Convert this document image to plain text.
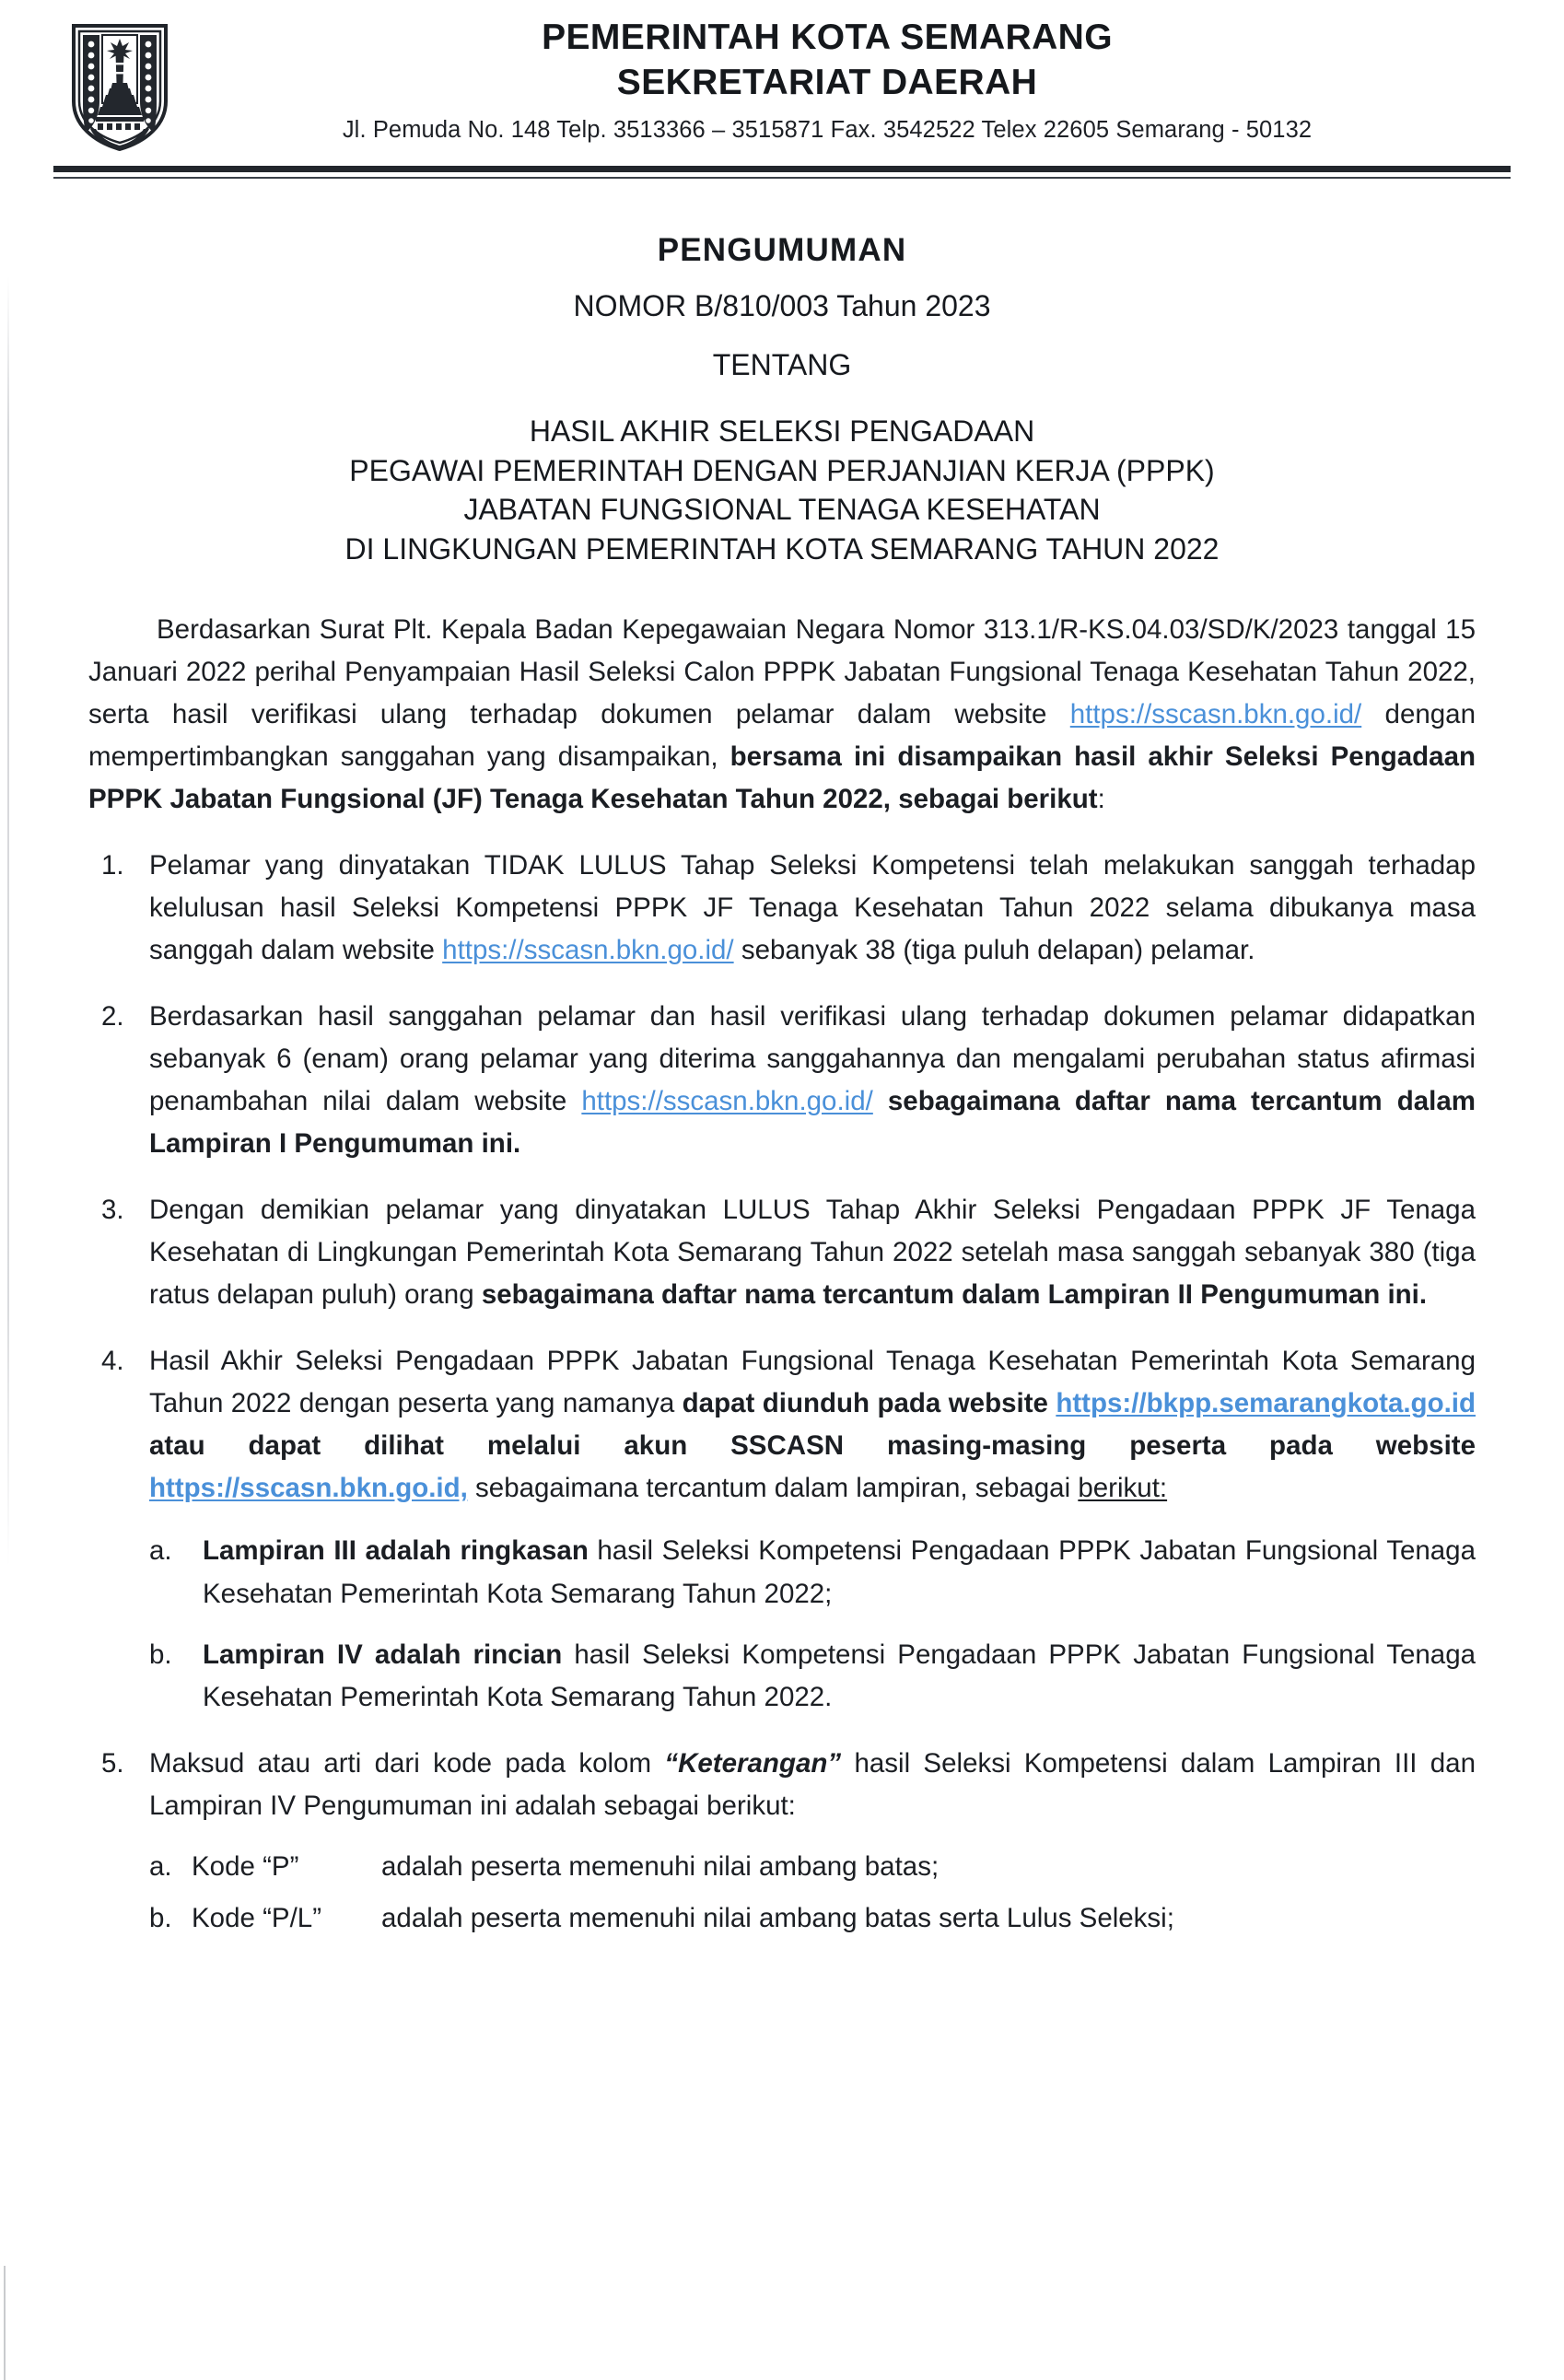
PEMERINTAH KOTA SEMARANG
SEKRETARIAT DAERAH
Jl. Pemuda No. 148 Telp. 3513366 – 3515871 Fax. 3542522 Telex 22605 Semarang - 50132
PENGUMUMAN
NOMOR B/810/003 Tahun 2023
TENTANG
HASIL AKHIR SELEKSI PENGADAAN
PEGAWAI PEMERINTAH DENGAN PERJANJIAN KERJA (PPPK)
JABATAN FUNGSIONAL TENAGA KESEHATAN
DI LINGKUNGAN PEMERINTAH KOTA SEMARANG TAHUN 2022

Berdasarkan Surat Plt. Kepala Badan Kepegawaian Negara Nomor 313.1/R-KS.04.03/SD/K/2023 tanggal 15 Januari 2022 perihal Penyampaian Hasil Seleksi Calon PPPK Jabatan Fungsional Tenaga Kesehatan Tahun 2022, serta hasil verifikasi ulang terhadap dokumen pelamar dalam website https://sscasn.bkn.go.id/ dengan mempertimbangkan sanggahan yang disampaikan, bersama ini disampaikan hasil akhir Seleksi Pengadaan PPPK Jabatan Fungsional (JF) Tenaga Kesehatan Tahun 2022, sebagai berikut:

1. Pelamar yang dinyatakan TIDAK LULUS Tahap Seleksi Kompetensi telah melakukan sanggah terhadap kelulusan hasil Seleksi Kompetensi PPPK JF Tenaga Kesehatan Tahun 2022 selama dibukanya masa sanggah dalam website https://sscasn.bkn.go.id/ sebanyak 38 (tiga puluh delapan) pelamar.

2. Berdasarkan hasil sanggahan pelamar dan hasil verifikasi ulang terhadap dokumen pelamar didapatkan sebanyak 6 (enam) orang pelamar yang diterima sanggahannya dan mengalami perubahan status afirmasi penambahan nilai dalam website https://sscasn.bkn.go.id/ sebagaimana daftar nama tercantum dalam Lampiran I Pengumuman ini.

3. Dengan demikian pelamar yang dinyatakan LULUS Tahap Akhir Seleksi Pengadaan PPPK JF Tenaga Kesehatan di Lingkungan Pemerintah Kota Semarang Tahun 2022 setelah masa sanggah sebanyak 380 (tiga ratus delapan puluh) orang sebagaimana daftar nama tercantum dalam Lampiran II Pengumuman ini.

4. Hasil Akhir Seleksi Pengadaan PPPK Jabatan Fungsional Tenaga Kesehatan Pemerintah Kota Semarang Tahun 2022 dengan peserta yang namanya dapat diunduh pada website https://bkpp.semarangkota.go.id atau dapat dilihat melalui akun SSCASN masing-masing peserta pada website https://sscasn.bkn.go.id, sebagaimana tercantum dalam lampiran, sebagai berikut:

a.	Lampiran III adalah ringkasan hasil Seleksi Kompetensi Pengadaan PPPK Jabatan Fungsional Tenaga Kesehatan Pemerintah Kota Semarang Tahun 2022;

b.	Lampiran IV adalah rincian hasil Seleksi Kompetensi Pengadaan PPPK Jabatan Fungsional Tenaga Kesehatan Pemerintah Kota Semarang Tahun 2022.

5. Maksud atau arti dari kode pada kolom “Keterangan” hasil Seleksi Kompetensi dalam Lampiran III dan Lampiran IV Pengumuman ini adalah sebagai berikut:

a. Kode “P”	adalah peserta memenuhi nilai ambang batas;
b. Kode “P/L”	adalah peserta memenuhi nilai ambang batas serta Lulus Seleksi;
